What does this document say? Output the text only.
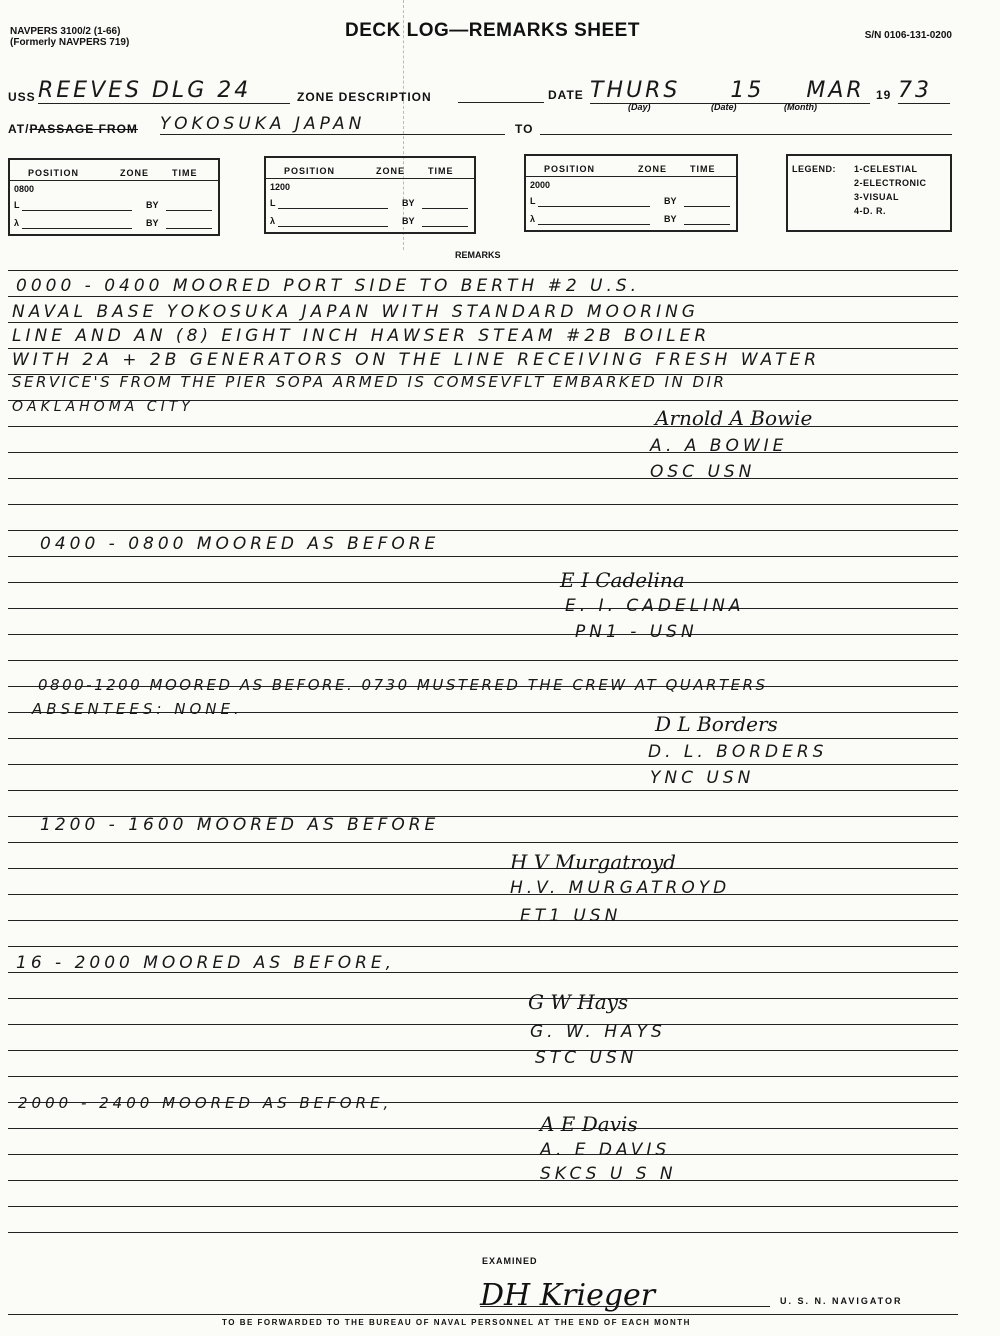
NAVPERS 3100/2 (1-66)
(Formerly NAVPERS 719)
DECK LOG—REMARKS SHEET	S/N 0106-131-0200
USS REEVES DLG 24	ZONE DESCRIPTION	DATE THURS 15 MAR 19 73
(Day)	(Date)	(Month)
AT/PASSAGE FROM YOKOSUKA JAPAN	TO
POSITION	ZONE	TIME
0800
L	BY
λ	BY
POSITION	ZONE	TIME
1200
L	BY
λ	BY
POSITION	ZONE	TIME
2000
L	BY
λ	BY
LEGEND: 1-CELESTIAL
2-ELECTRONIC
3-VISUAL
4-D. R.
REMARKS
0000 - 0400 MOORED PORT SIDE TO BERTH #2 U.S.
NAVAL BASE YOKOSUKA JAPAN WITH STANDARD MOORING
LINE AND AN (8) EIGHT INCH HAWSER STEAM #2B BOILER
WITH 2A + 2B GENERATORS ON THE LINE RECEIVING FRESH WATER
SERVICE'S FROM THE PIER SOPA ARMED IS COMSEVFLT EMBARKED IN DIR
OAKLAHOMA CITY	Arnold A Bowie
A. A BOWIE
OSC USN
0400 - 0800 MOORED AS BEFORE
E I Cadelina
E. I. CADELINA
PN1 - USN
0800-1200 MOORED AS BEFORE. 0730 MUSTERED THE CREW AT QUARTERS
ABSENTEES: NONE.
D L Borders
D. L. BORDERS
YNC USN
1200 - 1600 MOORED AS BEFORE
H V Murgatroyd
H.V. MURGATROYD
ET1 USN
16 - 2000 MOORED AS BEFORE,
G W Hays
G. W. HAYS
STC USN
2000 - 2400 MOORED AS BEFORE,
A E Davis
A. E DAVIS
SKCS U S N
EXAMINED
DH Krieger	U. S. N. NAVIGATOR
TO BE FORWARDED TO THE BUREAU OF NAVAL PERSONNEL AT THE END OF EACH MONTH
